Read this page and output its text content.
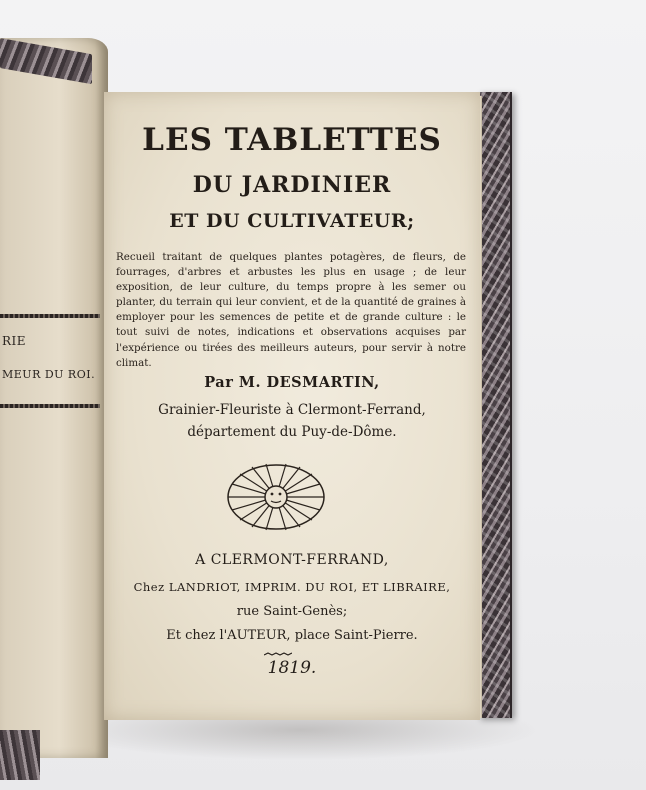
RIE
MEUR DU ROI.
LES TABLETTES
DU JARDINIER
ET DU CULTIVATEUR;
Recueil traitant de quelques plantes potagères, de fleurs, de fourrages, d'arbres et arbustes les plus en usage ; de leur exposition, de leur culture, du temps propre à les semer ou planter, du terrain qui leur convient, et de la quantité de graines à employer pour les semences de petite et de grande culture : le tout suivi de notes, indications et observations acquises par l'expérience ou tirées des meilleurs auteurs, pour servir à notre climat.
Par M. DESMARTIN,
Grainier-Fleuriste à Clermont-Ferrand,
département du Puy-de-Dôme.
A CLERMONT-FERRAND,
Chez LANDRIOT, IMPRIM. DU ROI, ET LIBRAIRE,
rue Saint-Genès;
Et chez l'AUTEUR, place Saint-Pierre.
1819.
